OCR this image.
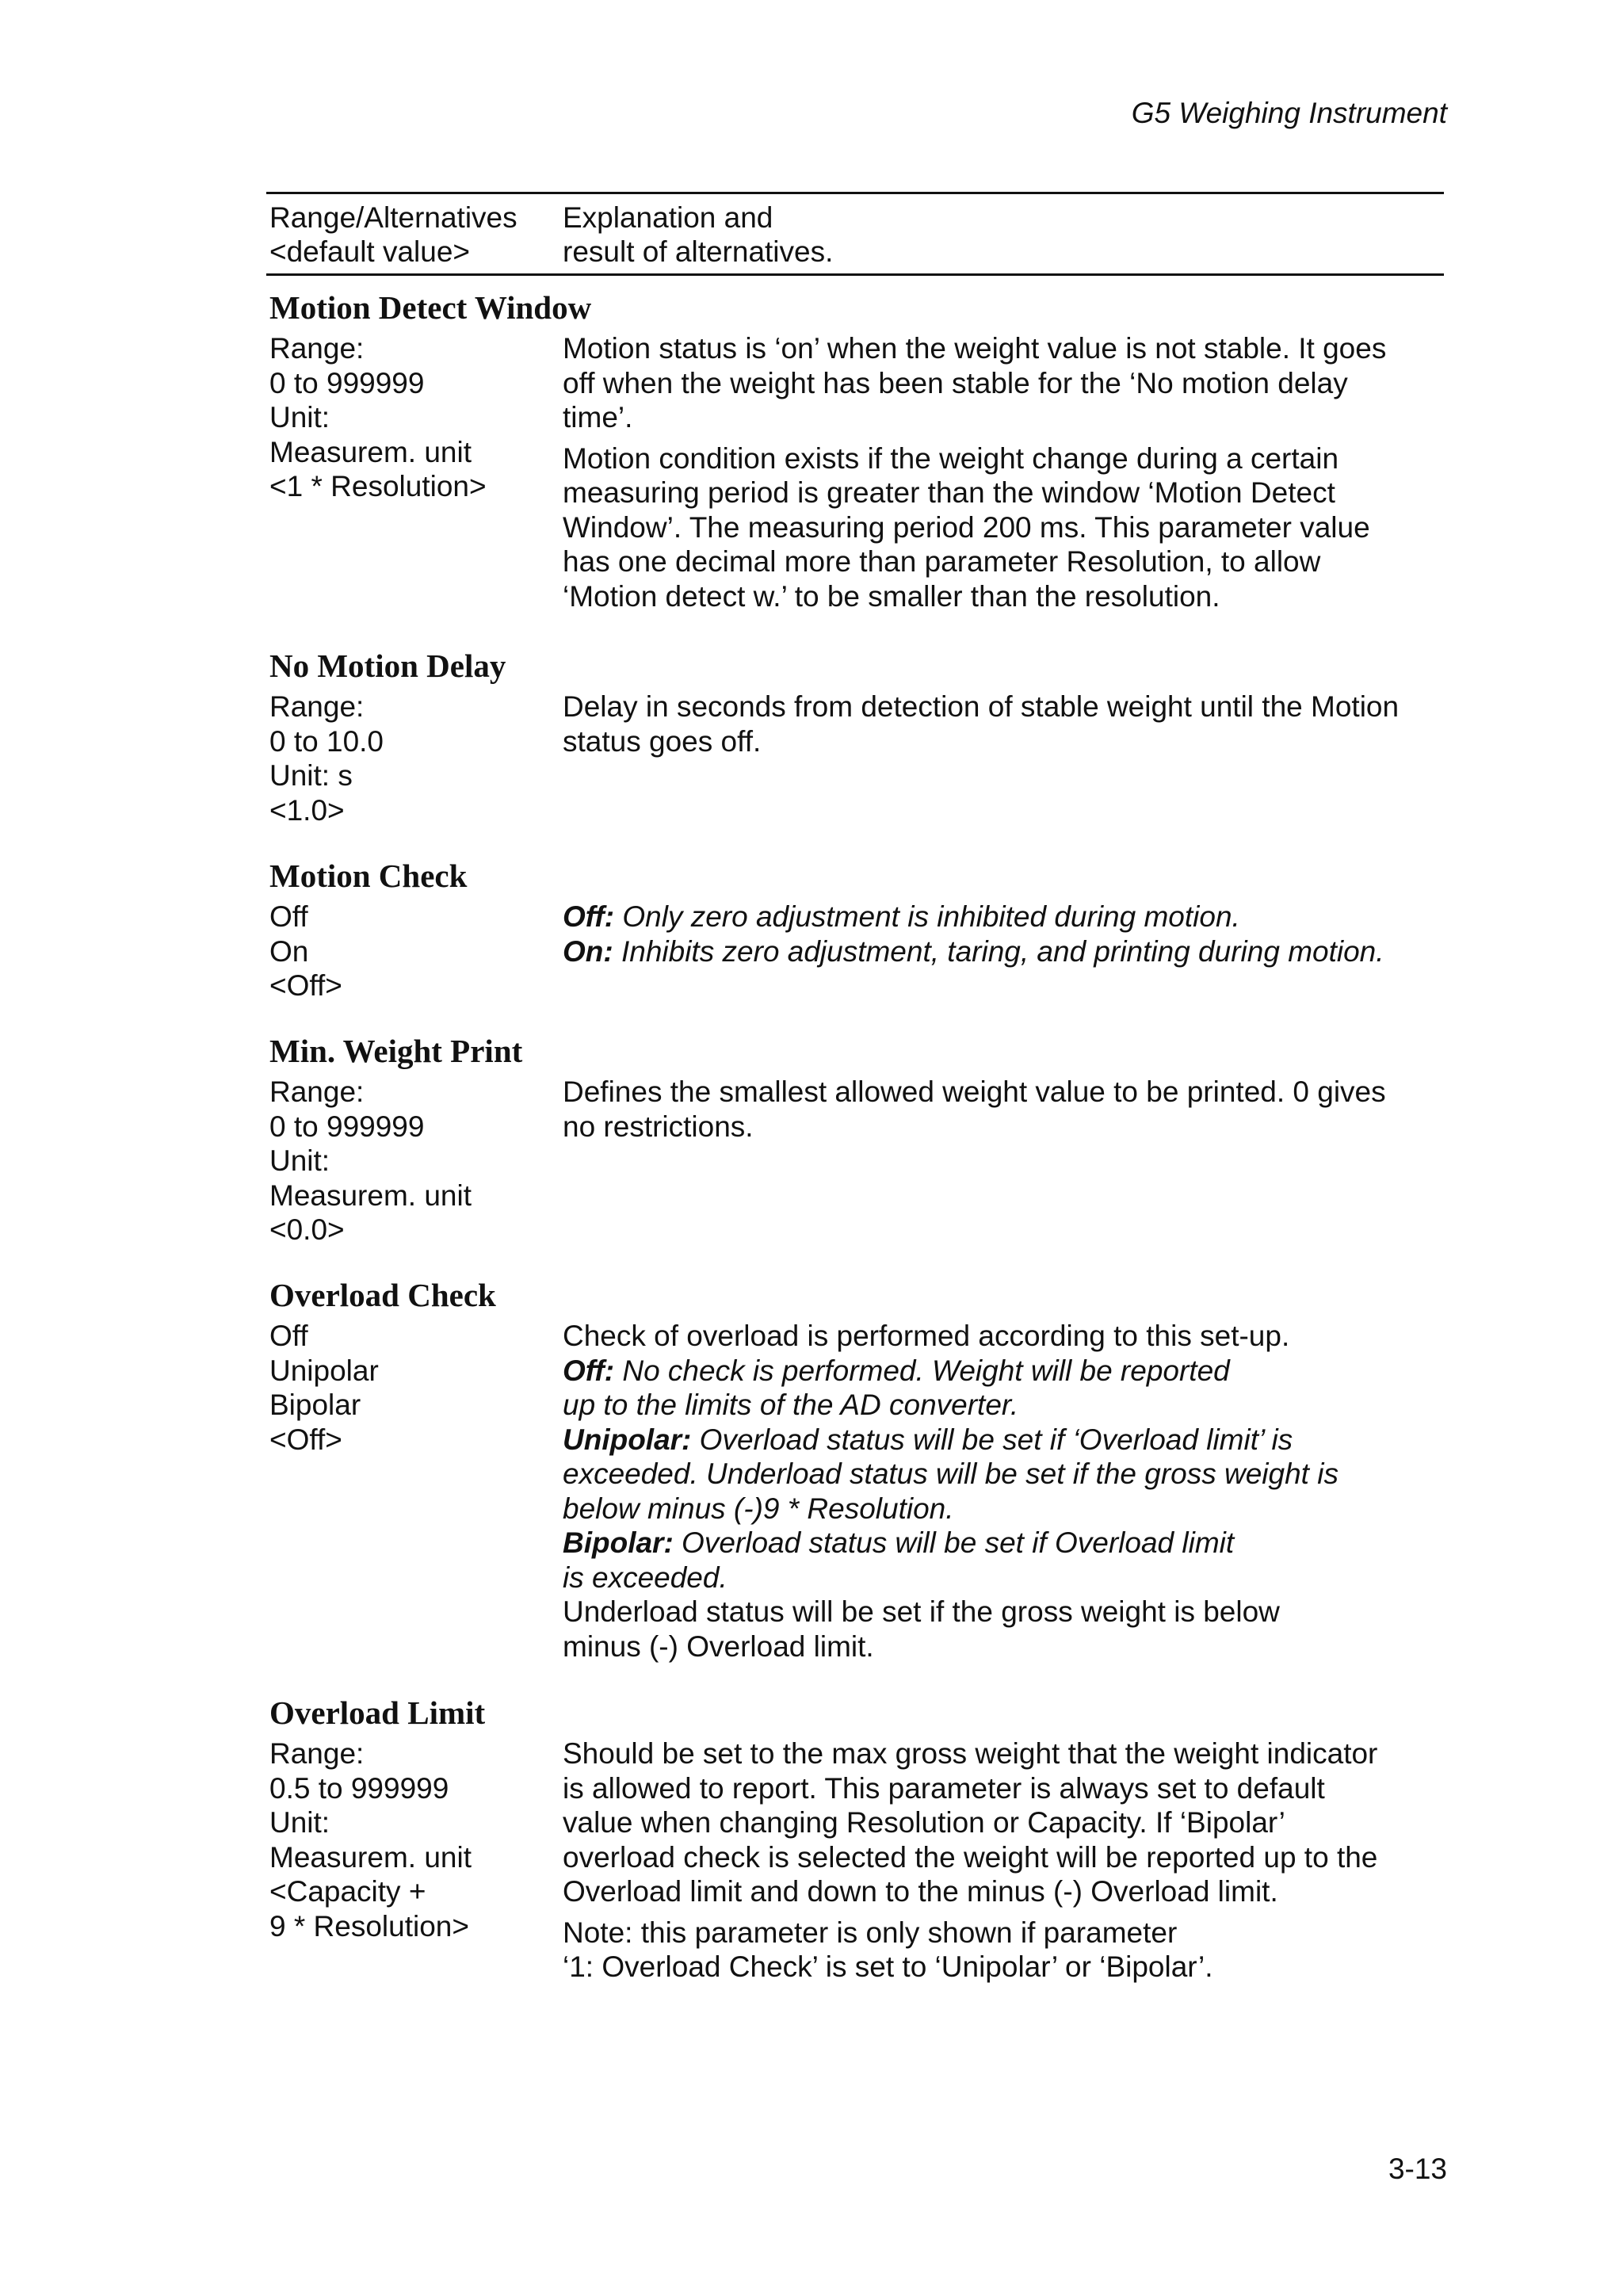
G5 Weighing Instrument
Range/Alternatives
<default value>
Explanation and
result of alternatives.
Motion Detect Window
Range:
0 to 999999
Unit:
Measurem. unit
<1 * Resolution>
Motion status is ‘on’ when the weight value is not stable. It goes
off when the weight has been stable for the ‘No motion delay
time’.
Motion condition exists if the weight change during a certain
measuring period is greater than the window ‘Motion Detect
Window’. The measuring period 200 ms. This parameter value
has one decimal more than parameter Resolution, to allow
‘Motion detect w.’ to be smaller than the resolution.
No Motion Delay
Range:
0 to 10.0
Unit: s
<1.0>
Delay in seconds from detection of stable weight until the Motion
status goes off.
Motion Check
Off
On
<Off>
Off: Only zero adjustment is inhibited during motion.
On: Inhibits zero adjustment, taring, and printing during motion.
Min. Weight Print
Range:
0 to 999999
Unit:
Measurem. unit
<0.0>
Defines the smallest allowed weight value to be printed. 0 gives
no restrictions.
Overload Check
Off
Unipolar
Bipolar
<Off>
Check of overload is performed according to this set-up.
Off: No check is performed. Weight will be reported
up to the limits of the AD converter.
Unipolar: Overload status will be set if ‘Overload limit’ is
exceeded. Underload status will be set if the gross weight is
below minus (-)9 * Resolution.
Bipolar: Overload status will be set if Overload limit
is exceeded.
Underload status will be set if the gross weight is below
minus (-) Overload limit.
Overload Limit
Range:
0.5 to 999999
Unit:
Measurem. unit
<Capacity +
9 * Resolution>
Should be set to the max gross weight that the weight indicator
is allowed to report. This parameter is always set to default
value when changing Resolution or Capacity. If ‘Bipolar’
overload check is selected the weight will be reported up to the
Overload limit and down to the minus (-) Overload limit.
Note: this parameter is only shown if parameter
‘1: Overload Check’ is set to ‘Unipolar’ or ‘Bipolar’.
3-13
